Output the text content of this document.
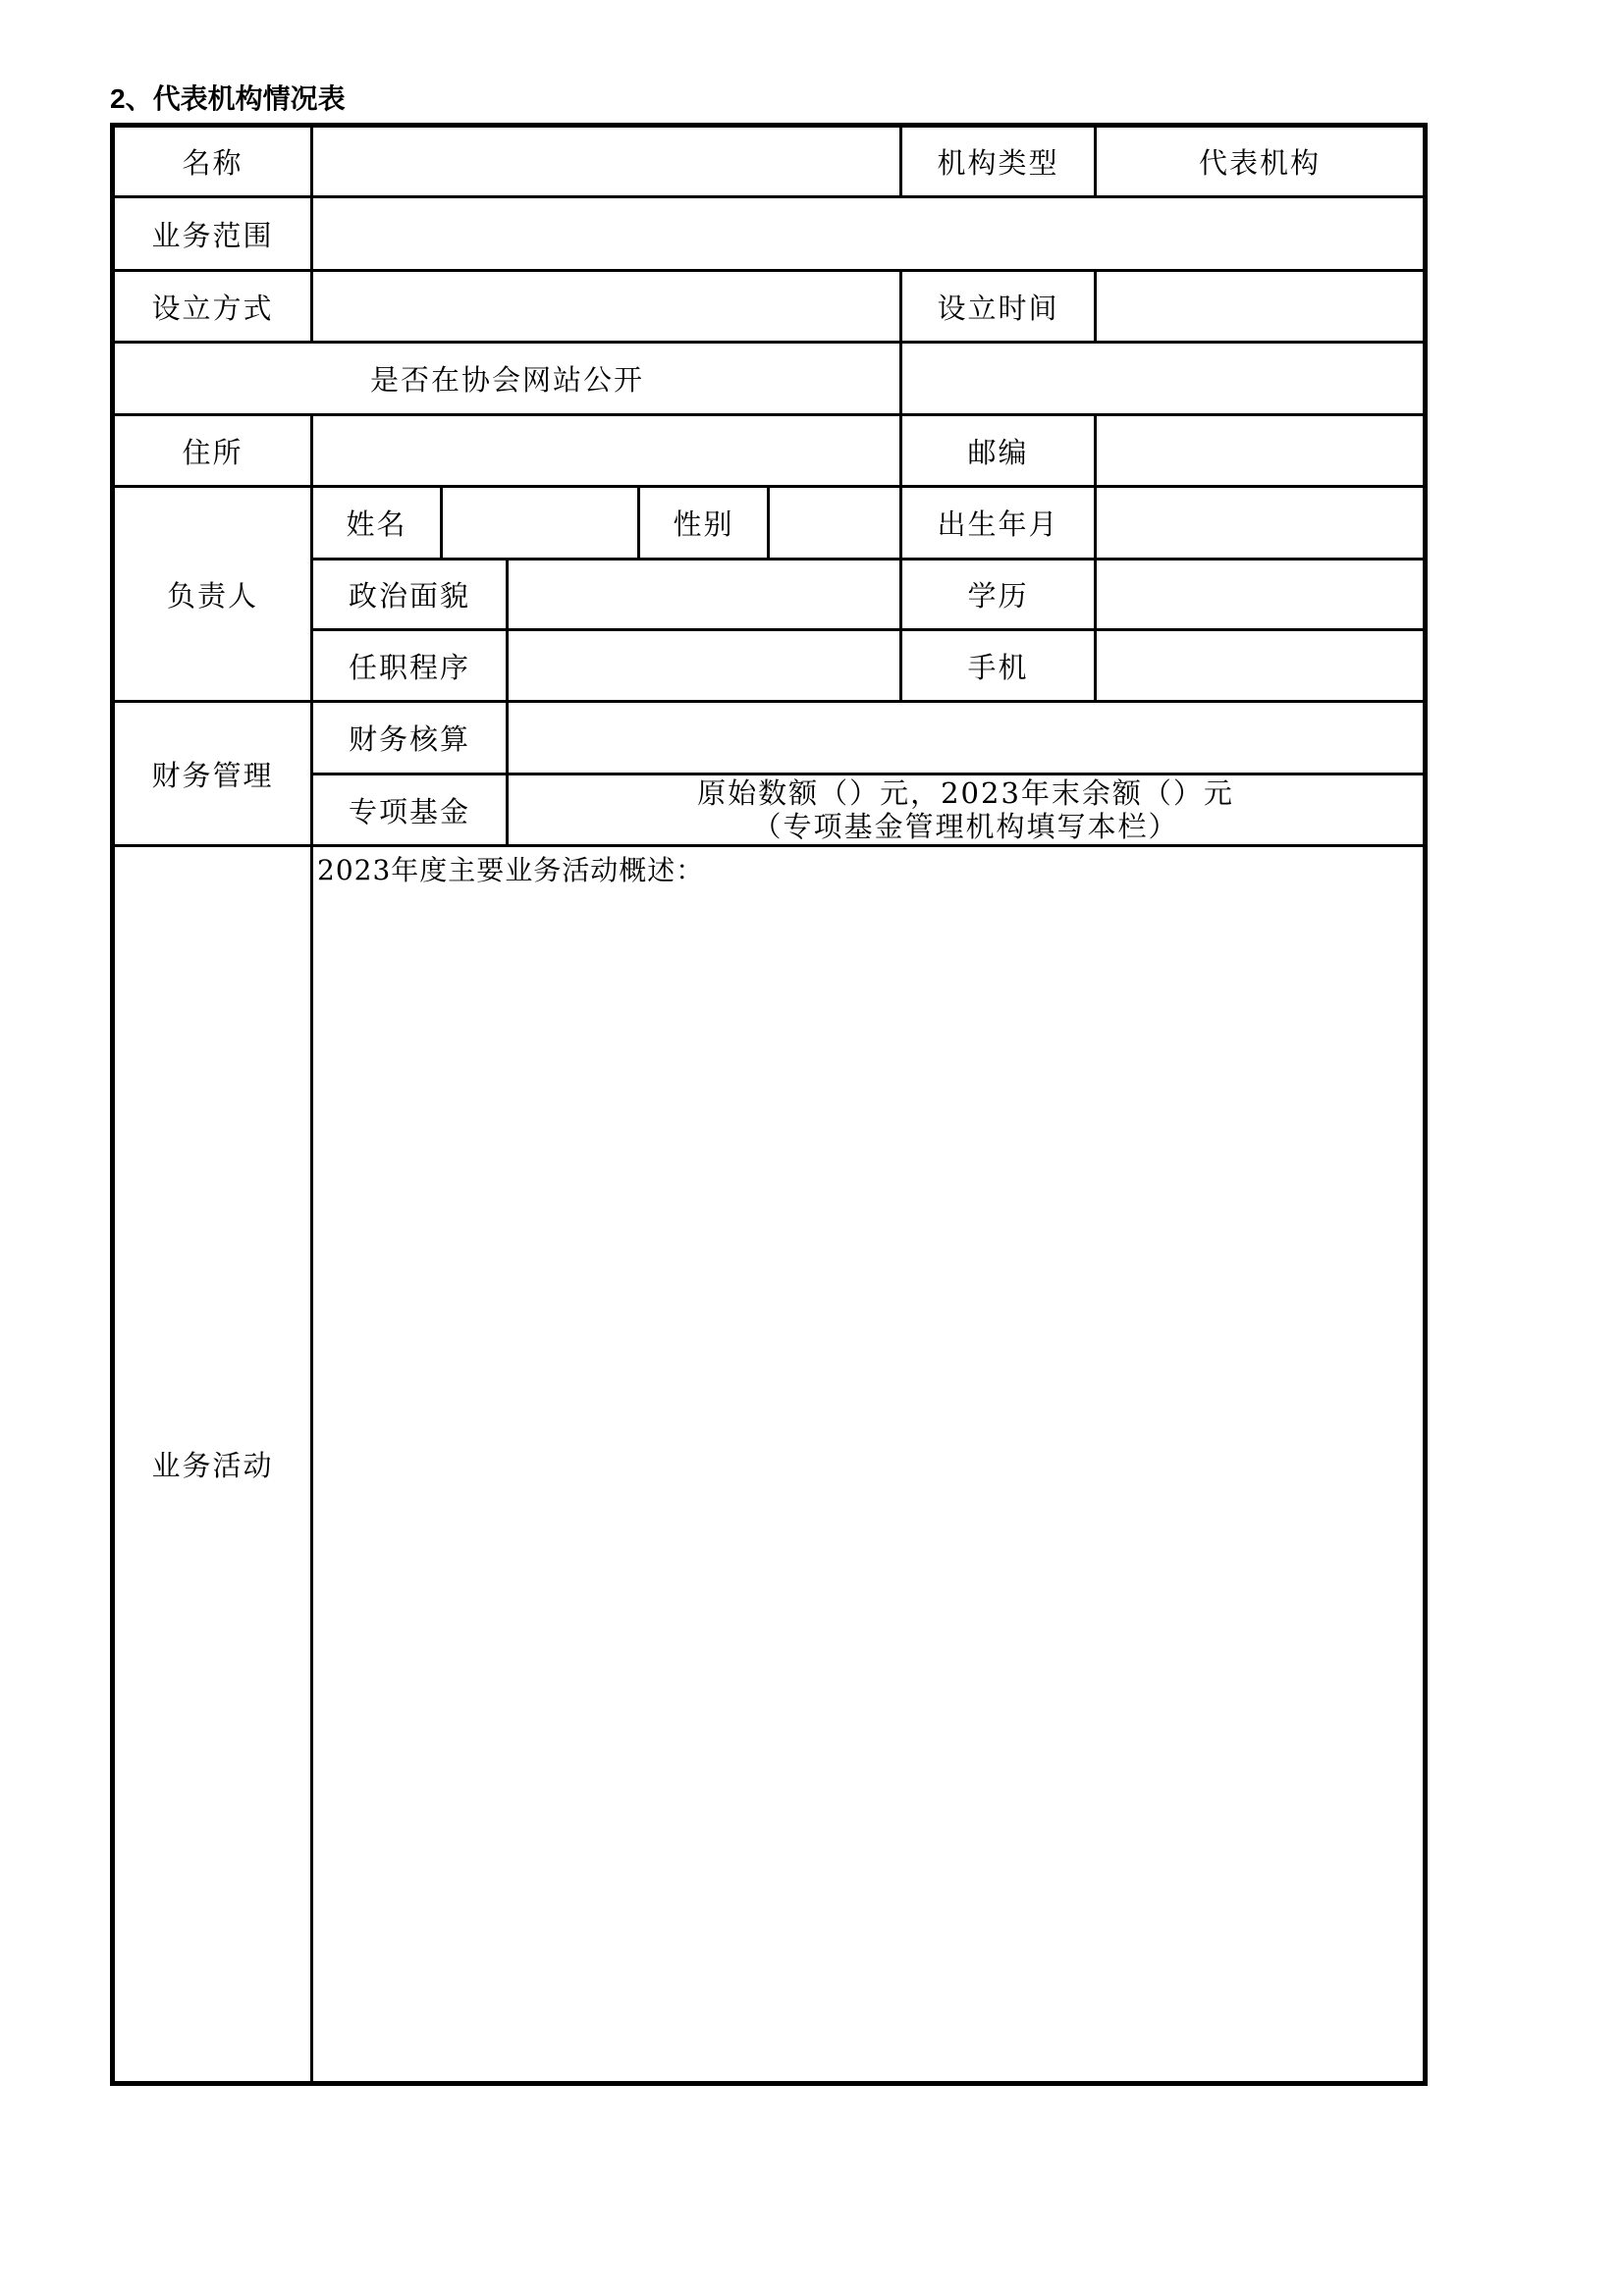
2、代表机构情况表
名称						机构类型	代表机构
业务范围							
设立方式						设立时间	
是否在协会网站公开							
住所						邮编	
负责人	姓名			性别		出生年月	
	政治面貌					学历	
	任职程序					手机	
财务管理	财务核算						
	专项基金		原始数额（）元，2023年末余额（）元
（专项基金管理机构填写本栏）				

业务活动	2023年度主要业务活动概述：						
